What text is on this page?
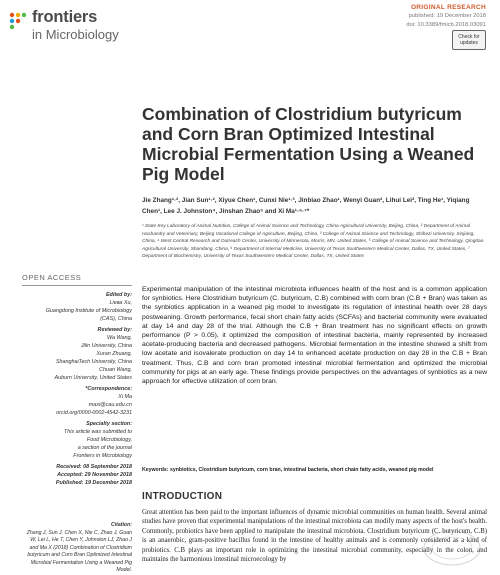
frontiers
in Microbiology
ORIGINAL RESEARCH
published: 19 December 2018
doi: 10.3389/fmicb.2018.03091
Check for updates
Combination of Clostridium butyricum and Corn Bran Optimized Intestinal Microbial Fermentation Using a Weaned Pig Model
Jie Zhang¹·², Jian Sun¹·², Xiyue Chen¹, Cunxi Nie¹·³, Jinbiao Zhao¹, Wenyi Guan², Lihui Lei², Ting He¹, Yiqiang Chen¹, Lee J. Johnston⁴, Jinshan Zhao⁵ and Xi Ma¹·⁶·⁷*
¹ State Key Laboratory of Animal Nutrition, College of Animal Science and Technology, China Agricultural University, Beijing, China, ² Department of Animal Husbandry and Veterinary, Beijing Vocational College of Agriculture, Beijing, China, ³ College of Animal Science and Technology, Shihezi University, Xinjiang, China, ⁴ West Central Research and Outreach Center, University of Minnesota, Morris, MN, United States, ⁵ College of Animal Science and Technology, Qingdao Agricultural University, Shandong, China, ⁶ Department of Internal Medicine, University of Texas Southwestern Medical Center, Dallas, TX, United States, ⁷ Department of Biochemistry, University of Texas Southwestern Medical Center, Dallas, TX, United States
OPEN ACCESS
Edited by:
Lieва Xu,
Guangdong Institute of Microbiology
(CAS), China
Reviewed by:
Wa Wang,
Jilin University, China
Xuran Zhuang,
ShanghaiTech University, China
Chuan Wang,
Auburn University, United States
*Correspondence:
Xi Ma
maxi@cau.edu.cn
orcid.org/0000-0002-4542-3231
Specialty section:
This article was submitted to
Food Microbiology,
a section of the journal
Frontiers in Microbiology
Received: 08 September 2018
Accepted: 29 November 2018
Published: 19 December 2018
Citation:
Zhang J, Sun J, Chen X, Nie C, Zhao J, Guan W, Lei L, He T, Chen Y, Johnston LJ, Zhao J and Ma X (2018) Combination of Clostridium butyricum and Corn Bran Optimized Intestinal Microbial Fermentation Using a Weaned Pig Model.
Experimental manipulation of the intestinal microbiota influences health of the host and is a common application for synbiotics. Here Clostridium butyricum (C. butyricum, C.B) combined with corn bran (C.B + Bran) was taken as the synbiotics application in a weaned pig model to investigate its regulation of intestinal health over 28 days postweaning. Growth performance, fecal short chain fatty acids (SCFAs) and bacterial community were evaluated at day 14 and day 28 of the trial. Although the C.B + Bran treatment has no significant effects on growth performance (P > 0.05), it optimized the composition of intestinal bacteria, mainly represented by increased acetate-producing bacteria and decreased pathogens. Microbial fermentation in the intestine showed a shift from low acetate and isovalerate production on day 14 to enhanced acetate production on day 28 in the C.B + Bran treatment. Thus, C.B and corn bran promoted intestinal microbial fermentation and optimized the microbial community for pigs at an early age. These findings provide perspectives on the advantages of synbiotics as a new approach for effective utilization of corn bran.
Keywords: synbiotics, Clostridium butyricum, corn bran, intestinal bacteria, short chain fatty acids, weaned pig model
INTRODUCTION
Great attention has been paid to the important influences of dynamic microbial communities on human health. Several animal studies have proven that experimental manipulations of the intestinal microbiota can modify many aspects of the host's health. Commonly, probiotics have been applied to manipulate the intestinal microbiota. Clostridium butyricum (C. butyricum, C.B) is an anaerobic, gram-positive bacillus found in the intestine of healthy animals and is commonly considered as a kind of probiotics. C.B plays an important role in optimizing the intestinal microbial community, especially in the colon, and maintains the harmonious intestinal microecology by
